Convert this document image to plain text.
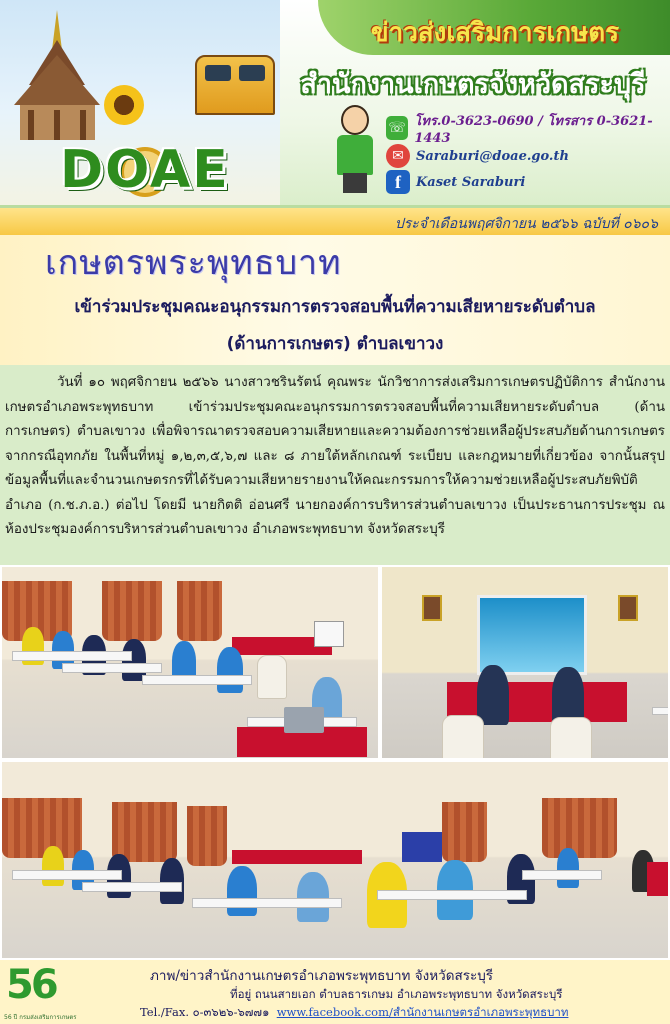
ข่าวส่งเสริมการเกษตร
สำนักงานเกษตรจังหวัดสระบุรี
DOAE
☏ โทร.0-3623-0690 / โทรสาร 0-3621-1443
✉ Saraburi@doae.go.th
f	Kaset Saraburi
ประจำเดือนพฤศจิกายน ๒๕๖๖ ฉบับที่ ๐๖๐๖
เกษตรพระพุทธบาท
เข้าร่วมประชุมคณะอนุกรรมการตรวจสอบพื้นที่ความเสียหายระดับตำบล
(ด้านการเกษตร) ตำบลเขาวง

วันที่ ๑๐ พฤศจิกายน ๒๕๖๖ นางสาวชรินรัตน์ คุณพระ นักวิชาการส่งเสริมการเกษตรปฏิบัติการ สำนักงานเกษตรอำเภอพระพุทธบาท เข้าร่วมประชุมคณะอนุกรรมการตรวจสอบพื้นที่ความเสียหายระดับตำบล (ด้านการเกษตร) ตำบลเขาวง เพื่อพิจารณาตรวจสอบความเสียหายและความต้องการช่วยเหลือผู้ประสบภัยด้านการเกษตรจากกรณีอุทกภัย ในพื้นที่หมู่ ๑,๒,๓,๕,๖,๗ และ ๘ ภายใต้หลักเกณฑ์ ระเบียบ และกฎหมายที่เกี่ยวข้อง จากนั้นสรุปข้อมูลพื้นที่และจำนวนเกษตรกรที่ได้รับความเสียหายรายงานให้คณะกรรมการให้ความช่วยเหลือผู้ประสบภัยพิบัติอำเภอ (ก.ช.ภ.อ.) ต่อไป โดยมี นายกิตติ อ่อนศรี นายกองค์การบริหารส่วนตำบลเขาวง เป็นประธานการประชุม ณ ห้องประชุมองค์การบริหารส่วนตำบลเขาวง อำเภอพระพุทธบาท จังหวัดสระบุรี

56
56 ปี กรมส่งเสริมการเกษตร
ภาพ/ข่าวสำนักงานเกษตรอำเภอพระพุทธบาท จังหวัดสระบุรี
ที่อยู่ ถนนสายเอก ตำบลธารเกษม อำเภอพระพุทธบาท จังหวัดสระบุรี
Tel./Fax. ๐-๓๖๒๖-๖๗๗๑ www.facebook.com/สำนักงานเกษตรอำเภอพระพุทธบาท
